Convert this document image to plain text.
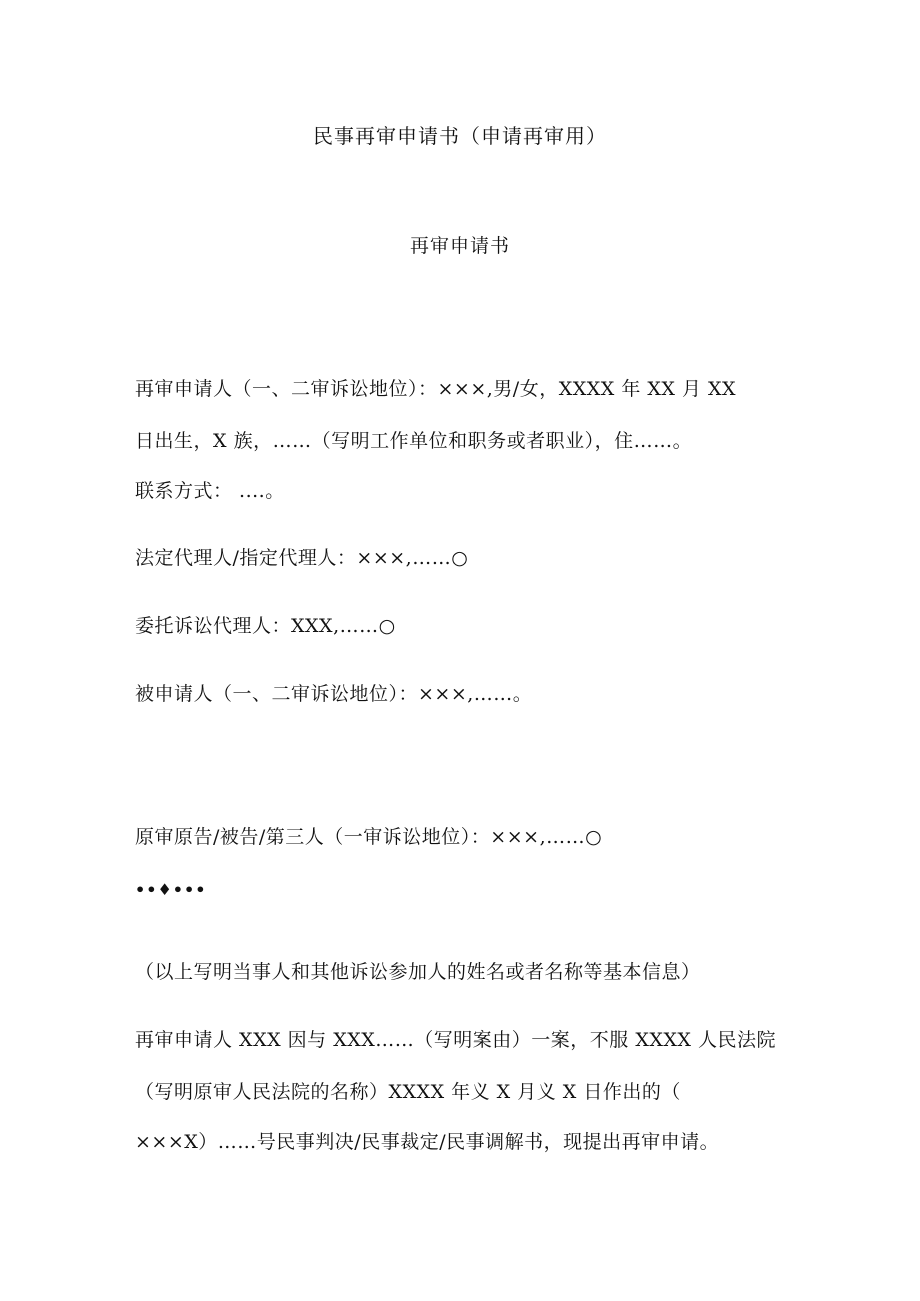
民事再审申请书（申请再审用）
再审申请书
再审申请人（一、二审诉讼地位）：×××,男/女，XXXX 年 XX 月 XX
日出生，X 族，……（写明工作单位和职务或者职业），住……。
联系方式： ....。
法定代理人/指定代理人：×××,……○
委托诉讼代理人：XXX,……○
被申请人（一、二审诉讼地位）：×××,……。
原审原告/被告/第三人（一审诉讼地位）：×××,……○
••♦•••
（以上写明当事人和其他诉讼参加人的姓名或者名称等基本信息）
再审申请人 XXX 因与 XXX……（写明案由）一案，不服 XXXX 人民法院
（写明原审人民法院的名称）XXXX 年义 X 月义 X 日作出的（
×××X）……号民事判决/民事裁定/民事调解书，现提出再审申请。
